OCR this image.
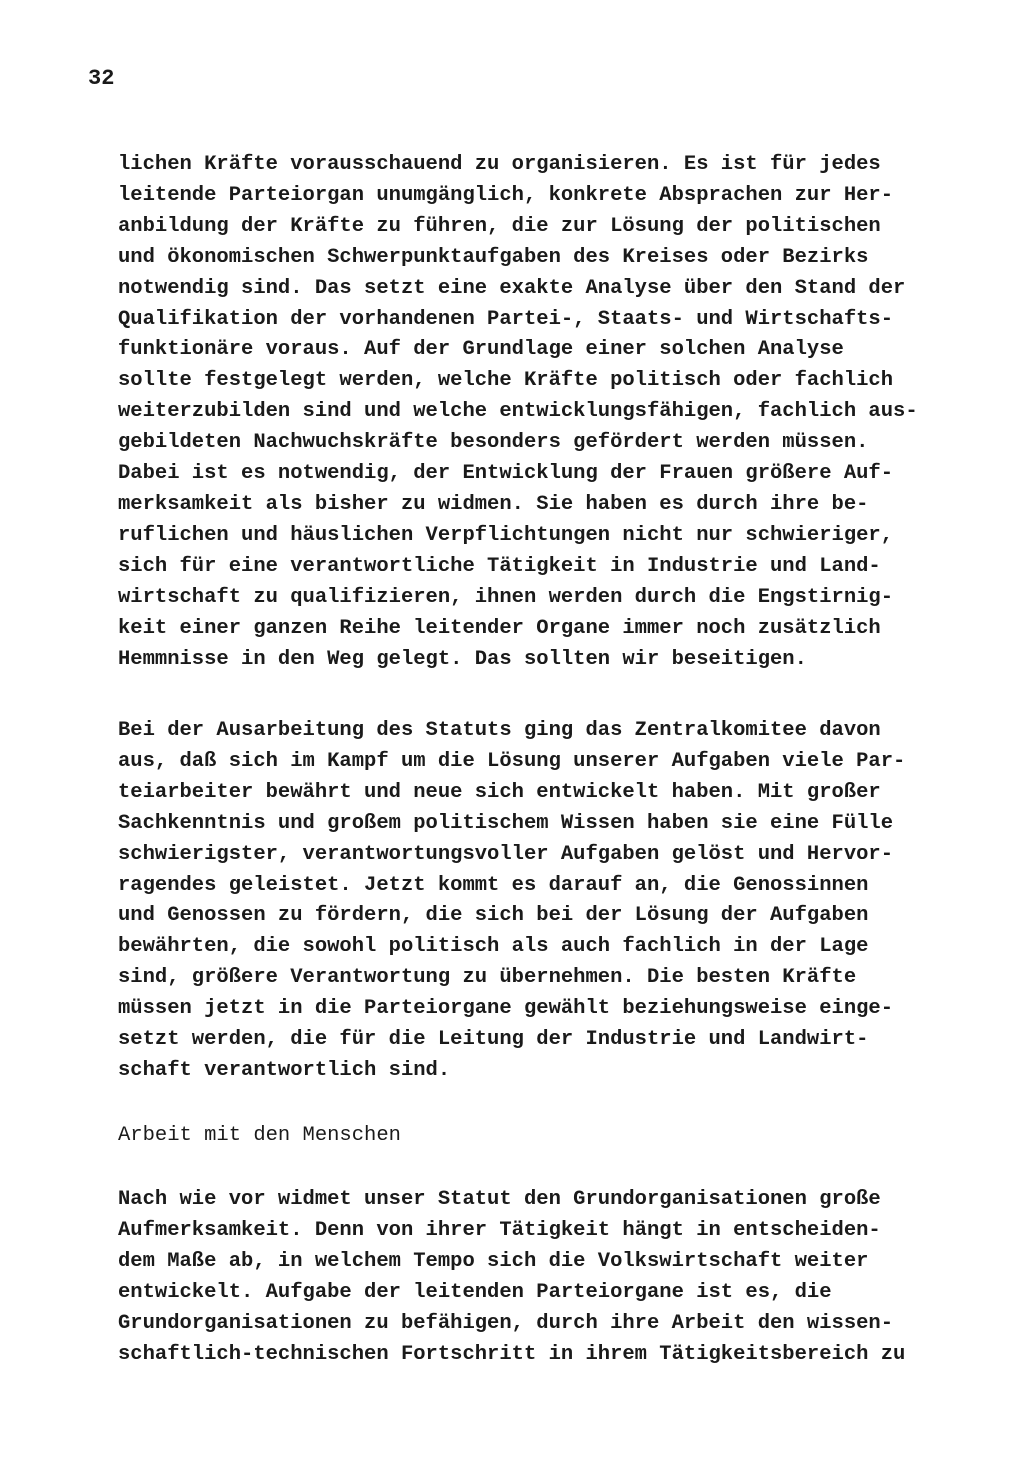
32
lichen Kräfte vorausschauend zu organisieren. Es ist für jedes
leitende Parteiorgan unumgänglich, konkrete Absprachen zur Her-
anbildung der Kräfte zu führen, die zur Lösung der politischen
und ökonomischen Schwerpunktaufgaben des Kreises oder Bezirks
notwendig sind. Das setzt eine exakte Analyse über den Stand der
Qualifikation der vorhandenen Partei-, Staats- und Wirtschafts-
funktionäre voraus. Auf der Grundlage einer solchen Analyse
sollte festgelegt werden, welche Kräfte politisch oder fachlich
weiterzubilden sind und welche entwicklungsfähigen, fachlich aus-
gebildeten Nachwuchskräfte besonders gefördert werden müssen.
Dabei ist es notwendig, der Entwicklung der Frauen größere Auf-
merksamkeit als bisher zu widmen. Sie haben es durch ihre be-
ruflichen und häuslichen Verpflichtungen nicht nur schwieriger,
sich für eine verantwortliche Tätigkeit in Industrie und Land-
wirtschaft zu qualifizieren, ihnen werden durch die Engstirnig-
keit einer ganzen Reihe leitender Organe immer noch zusätzlich
Hemmnisse in den Weg gelegt. Das sollten wir beseitigen.
Bei der Ausarbeitung des Statuts ging das Zentralkomitee davon
aus, daß sich im Kampf um die Lösung unserer Aufgaben viele Par-
teiarbeiter bewährt und neue sich entwickelt haben. Mit großer
Sachkenntnis und großem politischem Wissen haben sie eine Fülle
schwierigster, verantwortungsvoller Aufgaben gelöst und Hervor-
ragendes geleistet. Jetzt kommt es darauf an, die Genossinnen
und Genossen zu fördern, die sich bei der Lösung der Aufgaben
bewährten, die sowohl politisch als auch fachlich in der Lage
sind, größere Verantwortung zu übernehmen. Die besten Kräfte
müssen jetzt in die Parteiorgane gewählt beziehungsweise einge-
setzt werden, die für die Leitung der Industrie und Landwirt-
schaft verantwortlich sind.
Arbeit mit den Menschen
Nach wie vor widmet unser Statut den Grundorganisationen große
Aufmerksamkeit. Denn von ihrer Tätigkeit hängt in entscheiden-
dem Maße ab, in welchem Tempo sich die Volkswirtschaft weiter
entwickelt. Aufgabe der leitenden Parteiorgane ist es, die
Grundorganisationen zu befähigen, durch ihre Arbeit den wissen-
schaftlich-technischen Fortschritt in ihrem Tätigkeitsbereich zu
